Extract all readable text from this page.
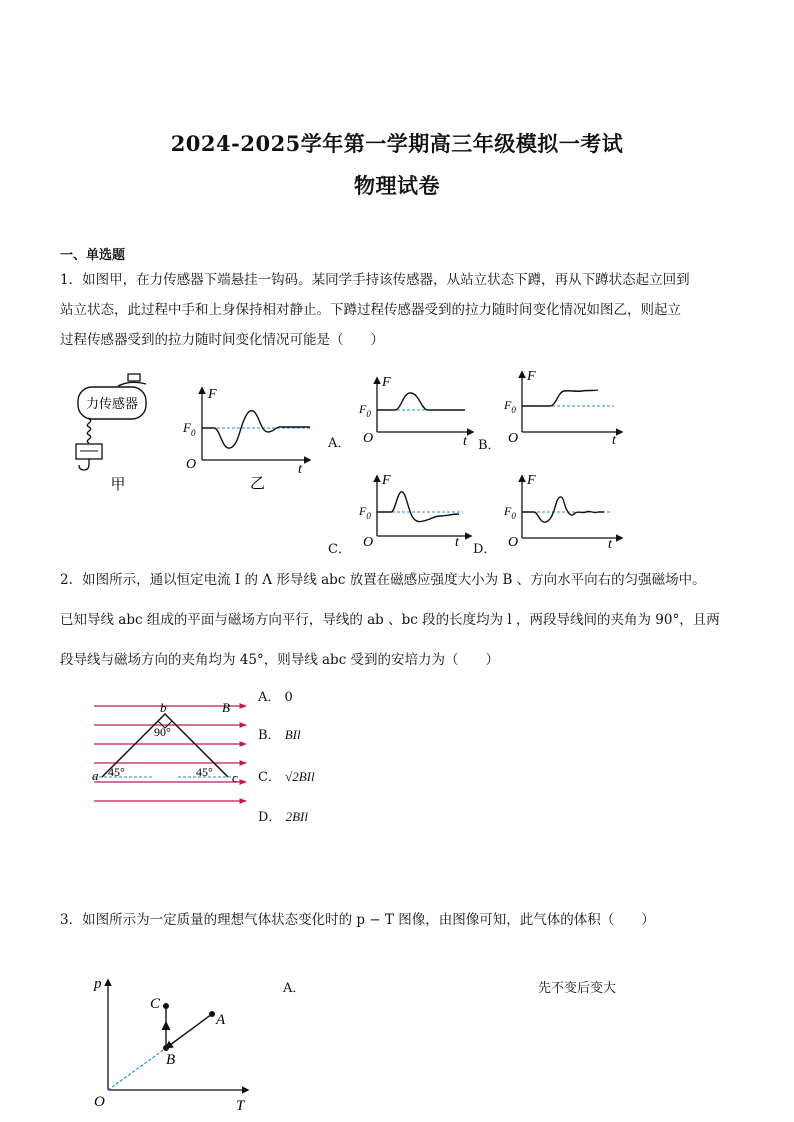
2024-2025学年第一学期高三年级模拟一考试
物理试卷
一、单选题
1．如图甲，在力传感器下端悬挂一钩码。某同学手持该传感器，从站立状态下蹲，再从下蹲状态起立回到
站立状态，此过程中手和上身保持相对静止。下蹲过程传感器受到的拉力随时间变化情况如图乙，则起立
过程传感器受到的拉力随时间变化情况可能是（　　）
力传感器
甲
F
t
O
$F_0$
乙
F
t
O
$F_0$
A．
F
t
O
$F_0$
B．
F
t
O
$F_0$
C．
F
t
O
$F_0$
D．
2．如图所示，通以恒定电流 I 的 Λ 形导线 abc 放置在磁感应强度大小为 B 、方向水平向右的匀强磁场中。
已知导线 abc 组成的平面与磁场方向平行，导线的 ab 、bc 段的长度均为 l ，两段导线间的夹角为 90°，且两
段导线与磁场方向的夹角均为 45°，则导线 abc 受到的安培力为（　　）
b	B
90°
a 45°	45° c
A． 0
B． BIl
C． √2BIl
D． 2BIl
3．如图所示为一定质量的理想气体状态变化时的 p − T 图像，由图像可知，此气体的体积（　　）
p
T
O
A
B
C
A．	先不变后变大
